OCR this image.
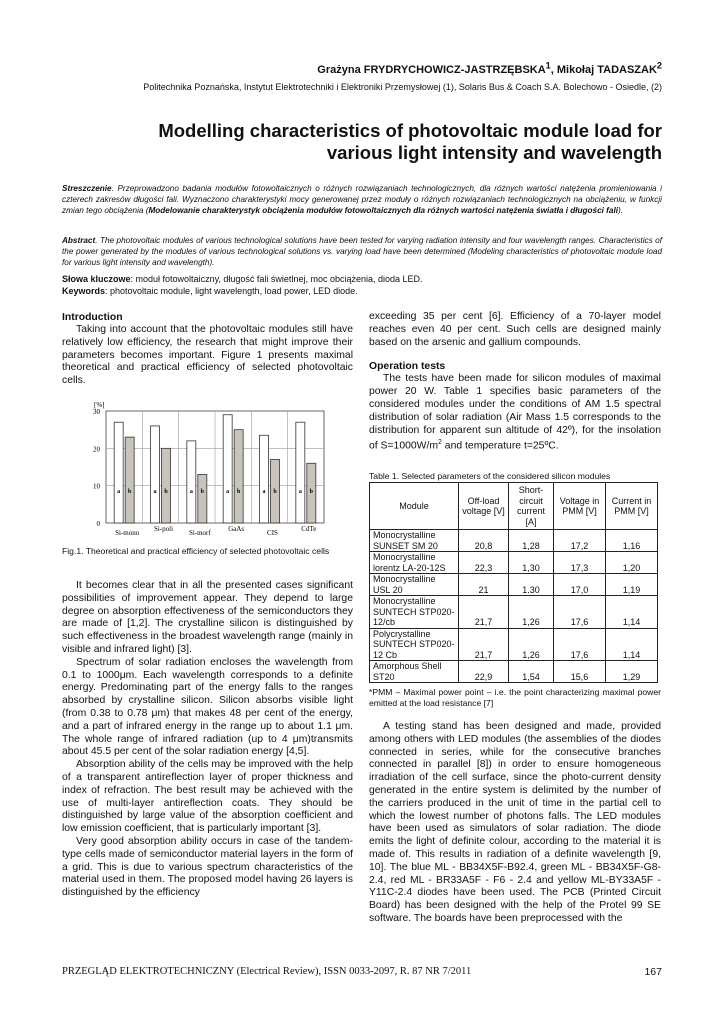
Grażyna FRYDRYCHOWICZ-JASTRZĘBSKA$^1$, Mikołaj TADASZAK$^2$
Politechnika Poznańska, Instytut Elektrotechniki i Elektroniki Przemysłowej (1), Solaris Bus & Coach S.A. Bolechowo - Osiedle, (2)
Modelling characteristics of photovoltaic module load for various light intensity and wavelength
Streszczenie. Przeprowadzono badania modułów fotowoltaicznych o różnych rozwiązaniach technologicznych, dla różnych wartości natężenia promieniowania i czterech zakresów długości fali. Wyznaczono charakterystyki mocy generowanej przez moduły o różnych rozwiązaniach technologicznych na obciążeniu, w funkcji zmian tego obciążenia (Modelowanie charakterystyk obciążenia modułów fotowoltaicznych dla różnych wartości natężenia światła i długości fali).
Abstract. The photovoltaic modules of various technological solutions have been tested for varying radiation intensity and four wavelength ranges. Characteristics of the power generated by the modules of various technological solutions vs. varying load have been determined (Modeling characteristics of photovoltaic module load for various light intensity and wavelength).
Słowa kluczowe: moduł fotowoltaiczny, długość fali świetlnej, moc obciążenia, dioda LED.
Keywords: photovoltaic module, light wavelength, load power, LED diode.
Introduction

Taking into account that the photovoltaic modules still have relatively low efficiency, the research that might improve their parameters becomes important. Figure 1 presents maximal theoretical and practical efficiency of selected photovoltaic cells.

0
10
20
30
[%]
a b
Si-mono
a b
Si-poli
a b
Si-morf
a b
GaAs
a b
CIS
a b
CdTe
Fig.1. Theoretical and practical efficiency of selected photovoltaic cells

It becomes clear that in all the presented cases significant possibilities of improvement appear. They depend to large degree on absorption effectiveness of the semiconductors they are made of [1,2]. The crystalline silicon is distinguished by such effectiveness in the broadest wavelength range (mainly in visible and infrared light) [3].

Spectrum of solar radiation encloses the wavelength from 0.1 to 1000μm. Each wavelength corresponds to a definite energy. Predominating part of the energy falls to the ranges absorbed by crystalline silicon. Silicon absorbs visible light (from 0.38 to 0.78 μm) that makes 48 per cent of the energy, and a part of infrared energy in the range up to about 1.1 μm. The whole range of infrared radiation (up to 4 μm)transmits about 45.5 per cent of the solar radiation energy [4,5].

Absorption ability of the cells may be improved with the help of a transparent antireflection layer of proper thickness and index of refraction. The best result may be achieved with the use of multi-layer antireflection coats. They should be distinguished by large value of the absorption coefficient and low emission coefficient, that is particularly important [3].

Very good absorption ability occurs in case of the tandem-type cells made of semiconductor material layers in the form of a grid. This is due to various spectrum characteristics of the material used in them. The proposed model having 26 layers is distinguished by the efficiency

exceeding 35 per cent [6]. Efficiency of a 70-layer model reaches even 40 per cent. Such cells are designed mainly based on the arsenic and gallium compounds.

Operation tests

The tests have been made for silicon modules of maximal power 20 W. Table 1 specifies basic parameters of the considered modules under the conditions of AM 1.5 spectral distribution of solar radiation (Air Mass 1.5 corresponds to the distribution for apparent sun altitude of 42º), for the insolation of $S=1000W/m^2$ and temperature t=25ºC.

Table 1. Selected parameters of the considered silicon modules
Module	Off-load voltage [V]	Short-circuit current [A]	Voltage in PMM [V]	Current in PMM [V]
Monocrystalline SUNSET SM 20	20,8	1,28	17,2	1,16
Monocrystalline lorentz LA-20-12S	22,3	1,30	17,3	1,20
Monocrystalline USL 20	21	1.30	17,0	1,19
Monocrystalline SUNTECH STP020-12/cb	21,7	1,26	17,6	1,14
Polycrystalline SUNTECH STP020-12 Cb	21,7	1,26	17,6	1,14
Amorphous Shell ST20	22,9	1,54	15,6	1,29
*PMM – Maximal power point – i.e. the point characterizing maximal power emitted at the load resistance [7]

A testing stand has been designed and made, provided among others with LED modules (the assemblies of the diodes connected in series, while for the consecutive branches connected in parallel [8]) in order to ensure homogeneous irradiation of the cell surface, since the photo-current density generated in the entire system is delimited by the number of the carriers produced in the unit of time in the partial cell to which the lowest number of photons falls. The LED modules have been used as simulators of solar radiation. The diode emits the light of definite colour, according to the material it is made of. This results in radiation of a definite wavelength [9, 10]. The blue ML - BB34X5F-B92.4, green ML - BB34X5F-G8-2.4, red ML - BR33A5F - F6 - 2.4 and yellow ML-BY33A5F - Y11C-2.4 diodes have been used. The PCB (Printed Circuit Board) has been designed with the help of the Protel 99 SE software. The boards have been preprocessed with the

PRZEGLĄD ELEKTROTECHNICZNY (Electrical Review), ISSN 0033-2097, R. 87 NR 7/2011	167
